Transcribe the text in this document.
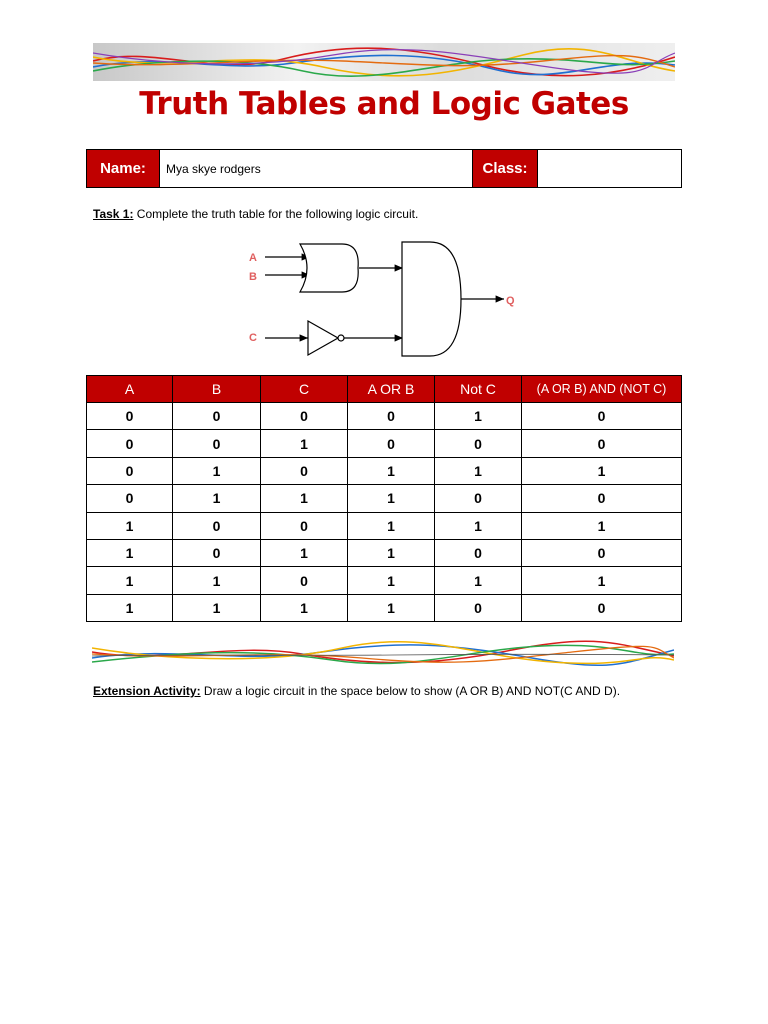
Truth Tables and Logic Gates
Name:	Mya skye rodgers	Class:	
Task 1: Complete the truth table for the following logic circuit.
A
B
C
Q
A	B	C	A OR B	Not C	(A OR B) AND (NOT C)
0	0	0	0	1	0
0	0	1	0	0	0
0	1	0	1	1	1
0	1	1	1	0	0
1	0	0	1	1	1
1	0	1	1	0	0
1	1	0	1	1	1
1	1	1	1	0	0
Extension Activity: Draw a logic circuit in the space below to show (A OR B) AND NOT(C AND D).
